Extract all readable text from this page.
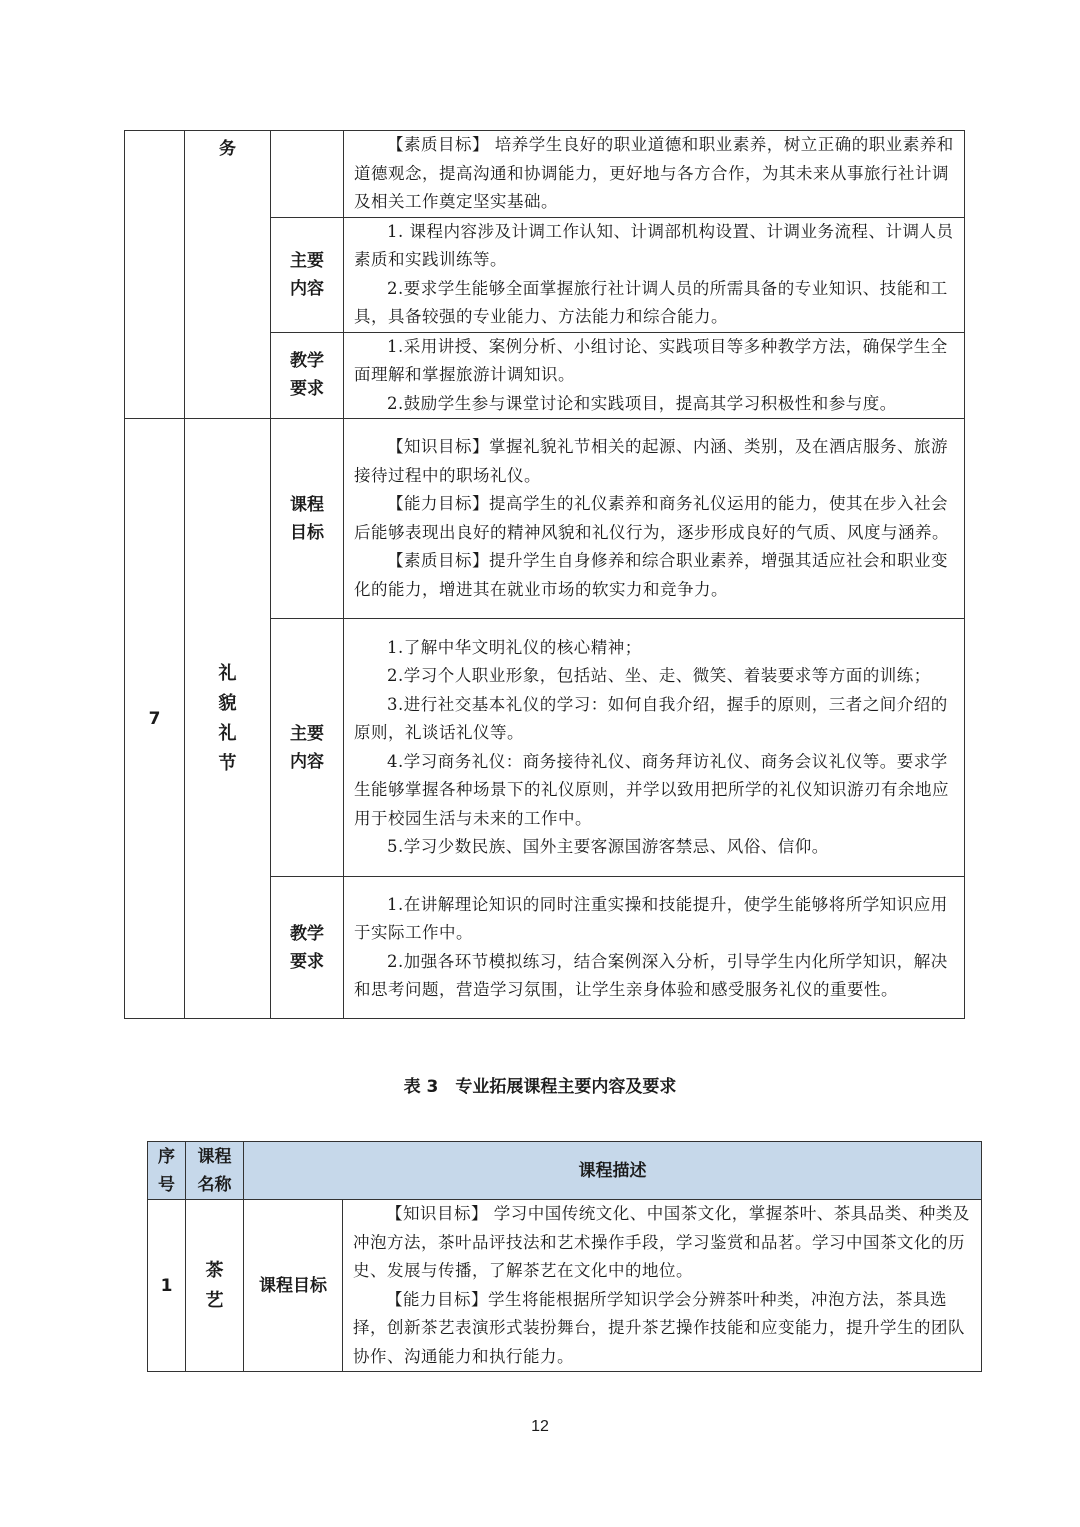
	务		【素质目标】 培养学生良好的职业道德和职业素养，树立正确的职业素养和道德观念，提高沟通和协调能力，更好地与各方合作，为其未来从事旅行社计调及相关工作奠定坚实基础。

		主要内容	1. 课程内容涉及计调工作认知、计调部机构设置、计调业务流程、计调人员素质和实践训练等。

2.要求学生能够全面掌握旅行社计调人员的所需具备的专业知识、技能和工具，具备较强的专业能力、方法能力和综合能力。

		教学要求	1.采用讲授、案例分析、小组讨论、实践项目等多种教学方法，确保学生全面理解和掌握旅游计调知识。

2.鼓励学生参与课堂讨论和实践项目，提高其学习积极性和参与度。

7	礼貌礼节	课程目标	【知识目标】掌握礼貌礼节相关的起源、内涵、类别，及在酒店服务、旅游接待过程中的职场礼仪。

【能力目标】提高学生的礼仪素养和商务礼仪运用的能力，使其在步入社会后能够表现出良好的精神风貌和礼仪行为，逐步形成良好的气质、风度与涵养。

【素质目标】提升学生自身修养和综合职业素养，增强其适应社会和职业变化的能力，增进其在就业市场的软实力和竞争力。

		主要内容	1.了解中华文明礼仪的核心精神；

2.学习个人职业形象，包括站、坐、走、微笑、着装要求等方面的训练；

3.进行社交基本礼仪的学习：如何自我介绍，握手的原则，三者之间介绍的原则，礼谈话礼仪等。

4.学习商务礼仪：商务接待礼仪、商务拜访礼仪、商务会议礼仪等。要求学生能够掌握各种场景下的礼仪原则，并学以致用把所学的礼仪知识游刃有余地应用于校园生活与未来的工作中。

5.学习少数民族、国外主要客源国游客禁忌、风俗、信仰。

		教学要求	1.在讲解理论知识的同时注重实操和技能提升，使学生能够将所学知识应用于实际工作中。

2.加强各环节模拟练习，结合案例深入分析，引导学生内化所学知识，解决和思考问题，营造学习氛围，让学生亲身体验和感受服务礼仪的重要性。

表 3　专业拓展课程主要内容及要求
序号	课程名称	课程描述	
1	茶艺	课程目标	【知识目标】 学习中国传统文化、中国茶文化，掌握茶叶、茶具品类、种类及冲泡方法，茶叶品评技法和艺术操作手段，学习鉴赏和品茗。学习中国茶文化的历史、发展与传播，了解茶艺在文化中的地位。

【能力目标】学生将能根据所学知识学会分辨茶叶种类，冲泡方法，茶具选择，创新茶艺表演形式装扮舞台，提升茶艺操作技能和应变能力，提升学生的团队协作、沟通能力和执行能力。

12
